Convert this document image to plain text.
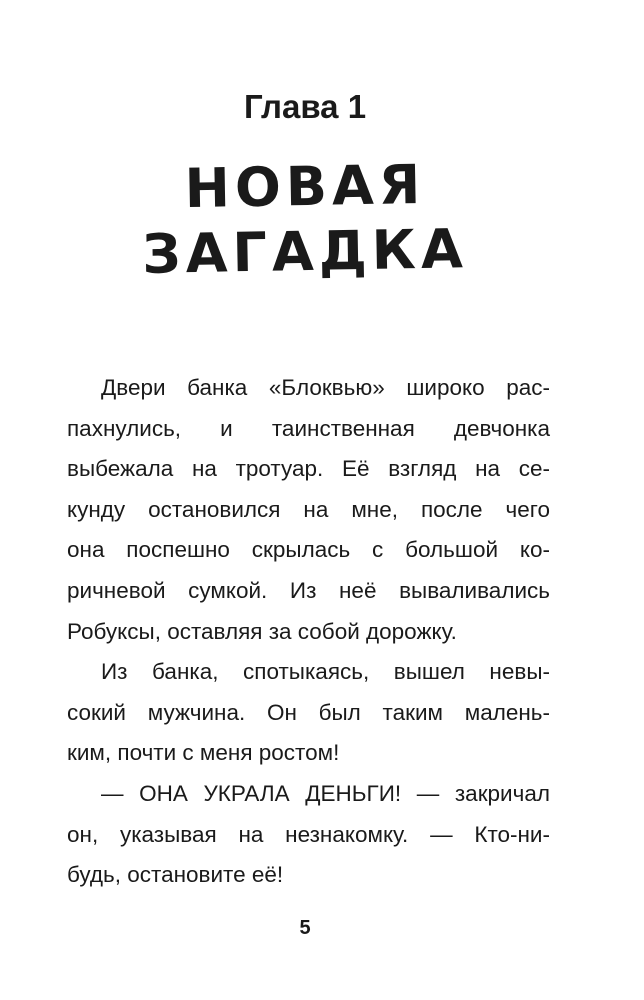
Глава 1
НОВАЯ
ЗАГАДКА
Двери банка «Блоквью» широко рас-
пахнулись, и таинственная девчонка
выбежала на тротуар. Её взгляд на се-
кунду остановился на мне, после чего
она поспешно скрылась с большой ко-
ричневой сумкой. Из неё вываливались
Робуксы, оставляя за собой дорожку.
Из банка, спотыкаясь, вышел невы-
сокий мужчина. Он был таким малень-
ким, почти с меня ростом!
— ОНА УКРАЛА ДЕНЬГИ! — закричал
он, указывая на незнакомку. — Кто-ни-
будь, остановите её!
5
